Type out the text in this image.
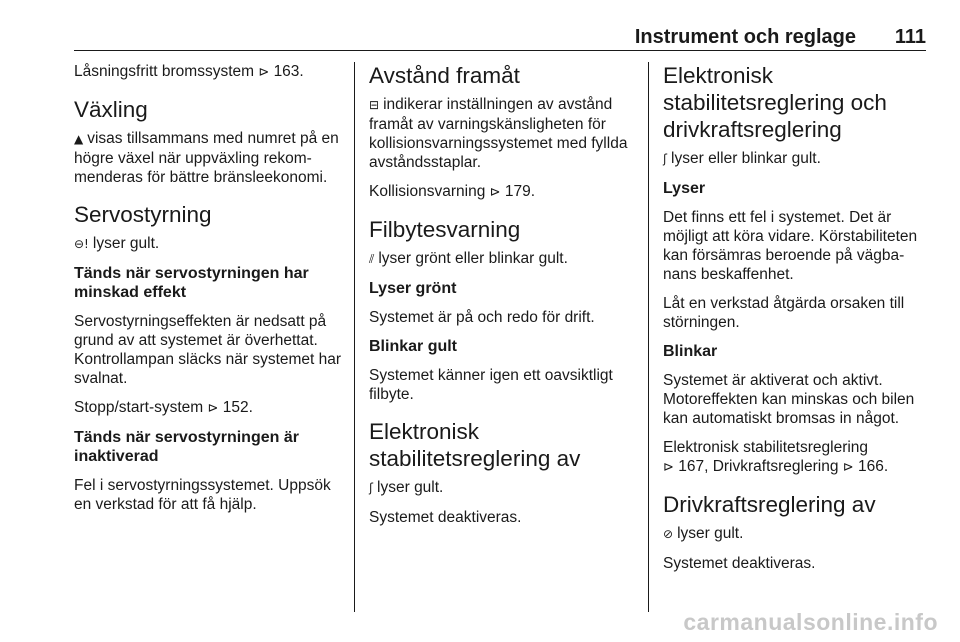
Instrument och reglage 111

Låsningsfritt bromssystem ⊳ 163.

Växling

▲ visas tillsammans med numret på en högre växel när uppväxling rekommenderas för bättre bränsleekonomi.

Servostyrning

⊖! lyser gult.

Tänds när servostyrningen har minskad effekt

Servostyrningseffekten är nedsatt på grund av att systemet är överhettat. Kontrollampan släcks när systemet har svalnat.

Stopp/start-system ⊳ 152.

Tänds när servostyrningen är inaktiverad

Fel i servostyrningssystemet. Uppsök en verkstad för att få hjälp.

Avstånd framåt

⊟ indikerar inställningen av avstånd framåt av varningskänsligheten för kollisionsvarningssystemet med fyllda avståndsstaplar.

Kollisionsvarning ⊳ 179.

Filbytesvarning

⫽ lyser grönt eller blinkar gult.

Lyser grönt

Systemet är på och redo för drift.

Blinkar gult

Systemet känner igen ett oavsiktligt filbyte.

Elektronisk stabilitetsreglering av

ʃ lyser gult.

Systemet deaktiveras.

Elektronisk stabilitetsreglering och drivkraftsreglering

ʃ lyser eller blinkar gult.

Lyser

Det finns ett fel i systemet. Det är möjligt att köra vidare. Körstabiliteten kan försämras beroende på vägbanans beskaffenhet.

Låt en verkstad åtgärda orsaken till störningen.

Blinkar

Systemet är aktiverat och aktivt. Motoreffekten kan minskas och bilen kan automatiskt bromsas in något.

Elektronisk stabilitetsreglering
⊳ 167, Drivkraftsreglering ⊳ 166.

Drivkraftsreglering av

⊘ lyser gult.

Systemet deaktiveras.

carmanualsonline.info
